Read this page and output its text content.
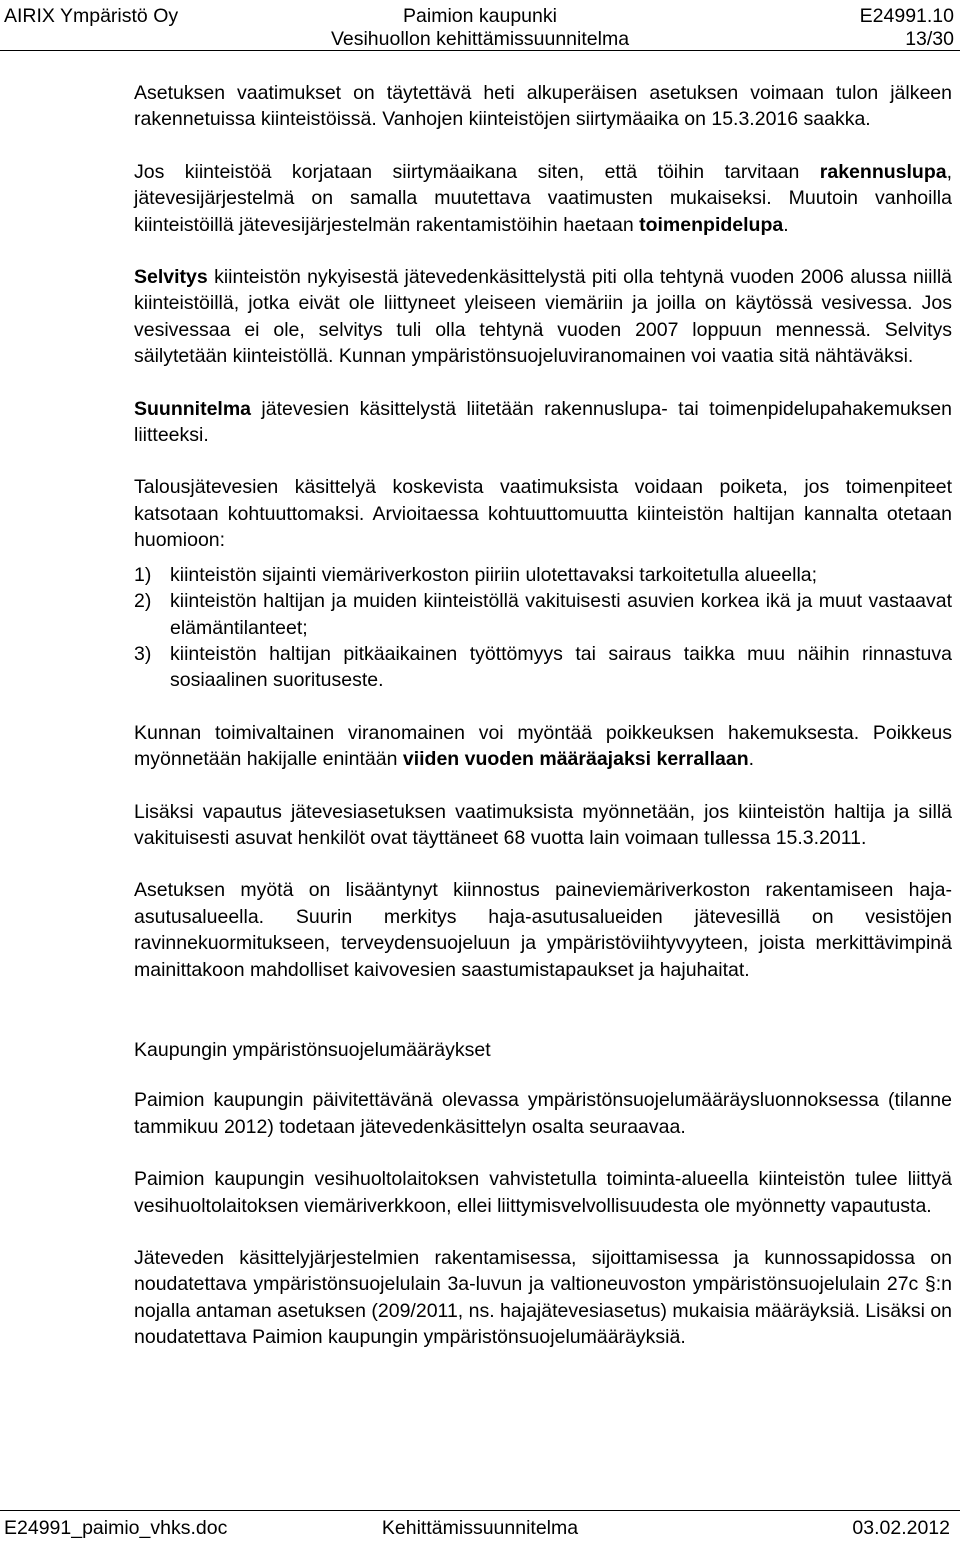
AIRIX Ympäristö Oy	Paimion kaupunki	E24991.10
Vesihuollon kehittämissuunnitelma	13/30

Asetuksen vaatimukset on täytettävä heti alkuperäisen asetuksen voimaan tulon jälkeen rakennetuissa kiinteistöissä. Vanhojen kiinteistöjen siirtymäaika on 15.3.2016 saakka.

Jos kiinteistöä korjataan siirtymäaikana siten, että töihin tarvitaan rakennuslupa, jätevesijärjestelmä on samalla muutettava vaatimusten mukaiseksi. Muutoin vanhoilla kiinteistöillä jätevesijärjestelmän rakentamistöihin haetaan toimenpidelupa.

Selvitys kiinteistön nykyisestä jätevedenkäsittelystä piti olla tehtynä vuoden 2006 alussa niillä kiinteistöillä, jotka eivät ole liittyneet yleiseen viemäriin ja joilla on käytössä vesivessa. Jos vesivessaa ei ole, selvitys tuli olla tehtynä vuoden 2007 loppuun mennessä. Selvitys säilytetään kiinteistöllä. Kunnan ympäristönsuojeluviranomainen voi vaatia sitä nähtäväksi.

Suunnitelma jätevesien käsittelystä liitetään rakennuslupa- tai toimenpidelupahakemuksen liitteeksi.

Talousjätevesien käsittelyä koskevista vaatimuksista voidaan poiketa, jos toimenpiteet katsotaan kohtuuttomaksi. Arvioitaessa kohtuuttomuutta kiinteistön haltijan kannalta otetaan huomioon:

1) kiinteistön sijainti viemäriverkoston piiriin ulotettavaksi tarkoitetulla alueella;
2) kiinteistön haltijan ja muiden kiinteistöllä vakituisesti asuvien korkea ikä ja muut vastaavat elämäntilanteet;
3) kiinteistön haltijan pitkäaikainen työttömyys tai sairaus taikka muu näihin rinnastuva sosiaalinen suorituseste.

Kunnan toimivaltainen viranomainen voi myöntää poikkeuksen hakemuksesta. Poikkeus myönnetään hakijalle enintään viiden vuoden määräajaksi kerrallaan.

Lisäksi vapautus jätevesiasetuksen vaatimuksista myönnetään, jos kiinteistön haltija ja sillä vakituisesti asuvat henkilöt ovat täyttäneet 68 vuotta lain voimaan tullessa 15.3.2011.

Asetuksen myötä on lisääntynyt kiinnostus paineviemäriverkoston rakentamiseen haja-asutusalueella. Suurin merkitys haja-asutusalueiden jätevesillä on vesistöjen ravinnekuormitukseen, terveydensuojeluun ja ympäristöviihtyvyyteen, joista merkittävimpinä mainittakoon mahdolliset kaivovesien saastumistapaukset ja hajuhaitat.

Kaupungin ympäristönsuojelumääräykset

Paimion kaupungin päivitettävänä olevassa ympäristönsuojelumääräysluonnoksessa (tilanne tammikuu 2012) todetaan jätevedenkäsittelyn osalta seuraavaa.

Paimion kaupungin vesihuoltolaitoksen vahvistetulla toiminta-alueella kiinteistön tulee liittyä vesihuoltolaitoksen viemäriverkkoon, ellei liittymisvelvollisuudesta ole myönnetty vapautusta.

Jäteveden käsittelyjärjestelmien rakentamisessa, sijoittamisessa ja kunnossapidossa on noudatettava ympäristönsuojelulain 3a-luvun ja valtioneuvoston ympäristönsuojelulain 27c §:n nojalla antaman asetuksen (209/2011, ns. hajajätevesiasetus) mukaisia määräyksiä. Lisäksi on noudatettava Paimion kaupungin ympäristönsuojelumääräyksiä.

E24991_paimio_vhks.doc	Kehittämissuunnitelma	03.02.2012
